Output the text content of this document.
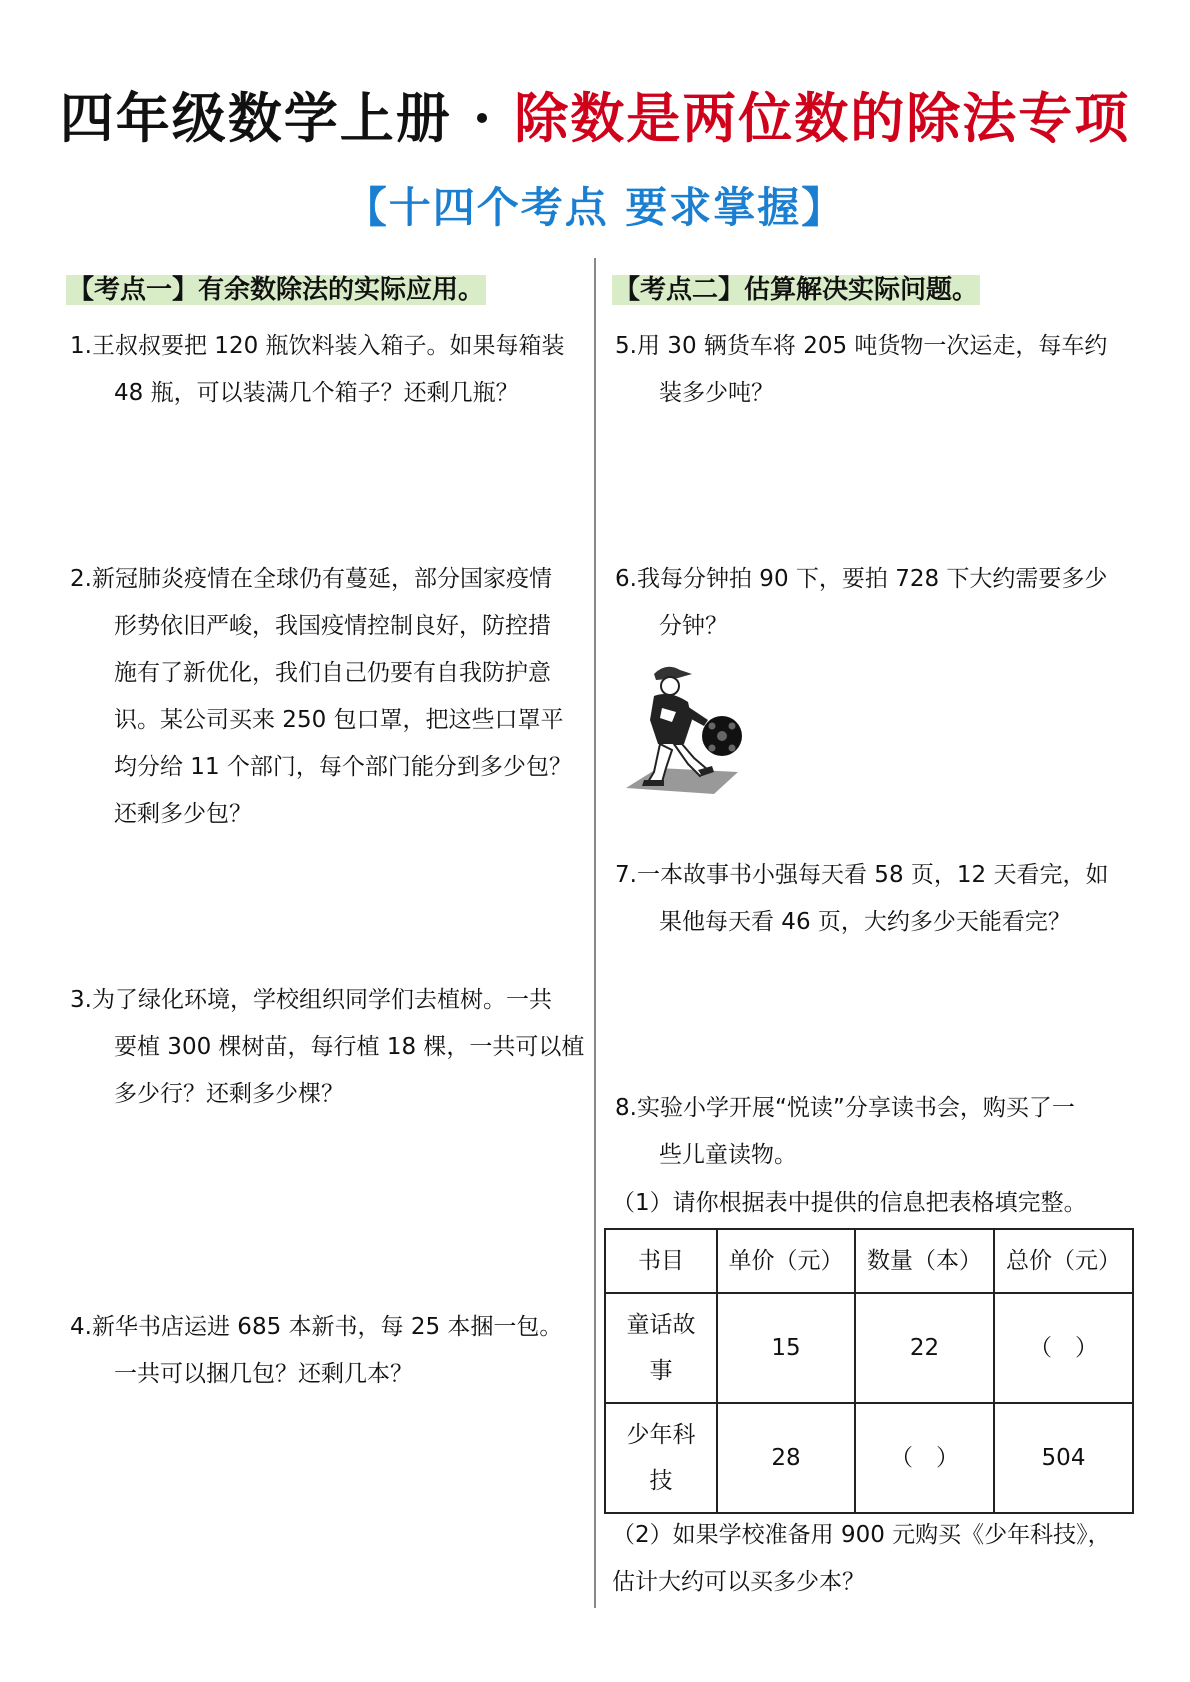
四年级数学上册 · 除数是两位数的除法专项
【十四个考点 要求掌握】
【考点一】有余数除法的实际应用。
1.王叔叔要把 120 瓶饮料装入箱子。如果每箱装
48 瓶，可以装满几个箱子？还剩几瓶？
2.新冠肺炎疫情在全球仍有蔓延，部分国家疫情
形势依旧严峻，我国疫情控制良好，防控措
施有了新优化，我们自己仍要有自我防护意
识。某公司买来 250 包口罩，把这些口罩平
均分给 11 个部门，每个部门能分到多少包？
还剩多少包？
3.为了绿化环境，学校组织同学们去植树。一共
要植 300 棵树苗，每行植 18 棵，一共可以植
多少行？还剩多少棵？
4.新华书店运进 685 本新书，每 25 本捆一包。
一共可以捆几包？还剩几本？
【考点二】估算解决实际问题。
5.用 30 辆货车将 205 吨货物一次运走，每车约
装多少吨？
6.我每分钟拍 90 下，要拍 728 下大约需要多少
分钟？
7.一本故事书小强每天看 58 页，12 天看完，如
果他每天看 46 页，大约多少天能看完？
8.实验小学开展“悦读”分享读书会，购买了一
些儿童读物。
（1）请你根据表中提供的信息把表格填完整。
书目	单价（元）	数量（本）	总价（元）

童话故
事	15	22	（　）

少年科
技	28	（　）	504
（2）如果学校准备用 900 元购买《少年科技》，
估计大约可以买多少本？
